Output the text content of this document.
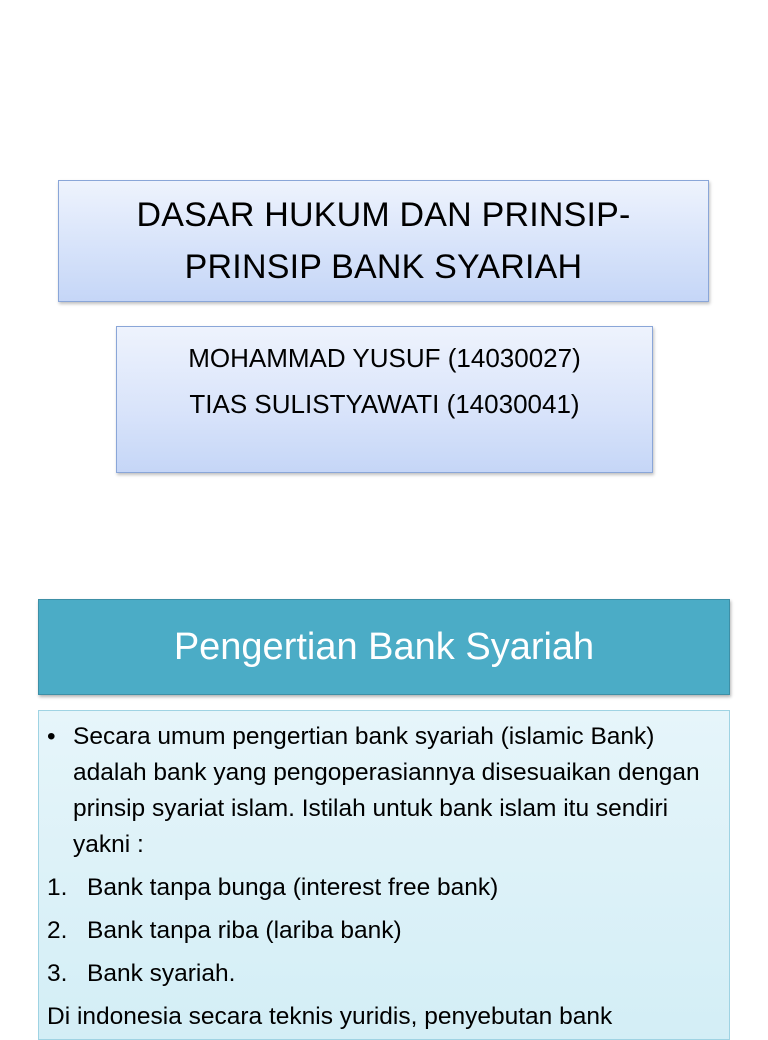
DASAR HUKUM DAN PRINSIP-
PRINSIP BANK SYARIAH
MOHAMMAD YUSUF (14030027)
TIAS SULISTYAWATI (14030041)
Pengertian Bank Syariah
• Secara umum pengertian bank syariah (islamic Bank) adalah bank yang pengoperasiannya disesuaikan dengan prinsip syariat islam. Istilah untuk bank islam itu sendiri yakni :
1. Bank tanpa bunga (interest free bank)
2. Bank tanpa riba (lariba bank)
3. Bank syariah.
Di indonesia secara teknis yuridis, penyebutan bank
